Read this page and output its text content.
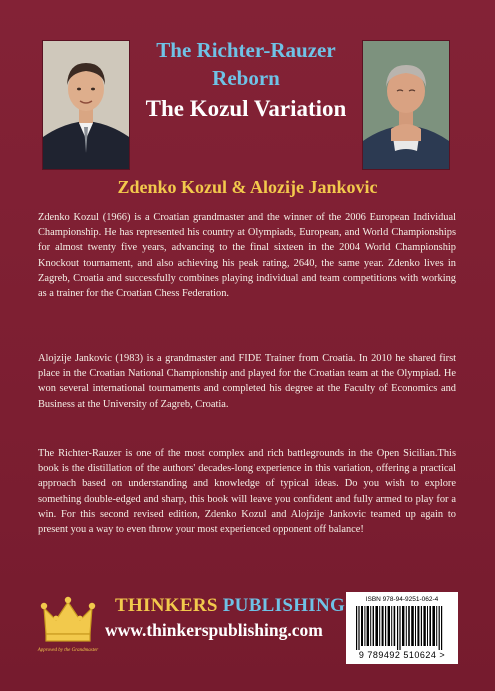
The Richter-Rauzer
Reborn
The Kozul Variation
Zdenko Kozul & Alozije Jankovic

Zdenko Kozul (1966) is a Croatian grandmaster and the winner of the 2006 European Individual Championship. He has represented his country at Olympiads, European, and World Championships for almost twenty five years, advancing to the final sixteen in the 2004 World Championship Knockout tournament, and also achieving his peak rating, 2640, the same year. Zdenko lives in Zagreb, Croatia and successfully combines playing individual and team competitions with working as a trainer for the Croatian Chess Federation.

Alojzije Jankovic (1983) is a grandmaster and FIDE Trainer from Croatia. In 2010 he shared first place in the Croatian National Championship and played for the Croatian team at the Olympiad. He won several international tournaments and completed his degree at the Faculty of Economics and Business at the University of Zagreb, Croatia.

The Richter-Rauzer is one of the most complex and rich battlegrounds in the Open Sicilian.This book is the distillation of the authors' decades-long experience in this variation, offering a practical approach based on understanding and knowledge of typical ideas. Do you wish to explore something double-edged and sharp, this book will leave you confident and fully armed to play for a win. For this second revised edition, Zdenko Kozul and Alojzije Jankovic teamed up again to present you a way to even throw your most experienced opponent off balance!

Approved by the Grandmaster
THINKERS PUBLISHING
www.thinkerspublishing.com
ISBN 978-94-9251-062-4
9 789492 510624 >
